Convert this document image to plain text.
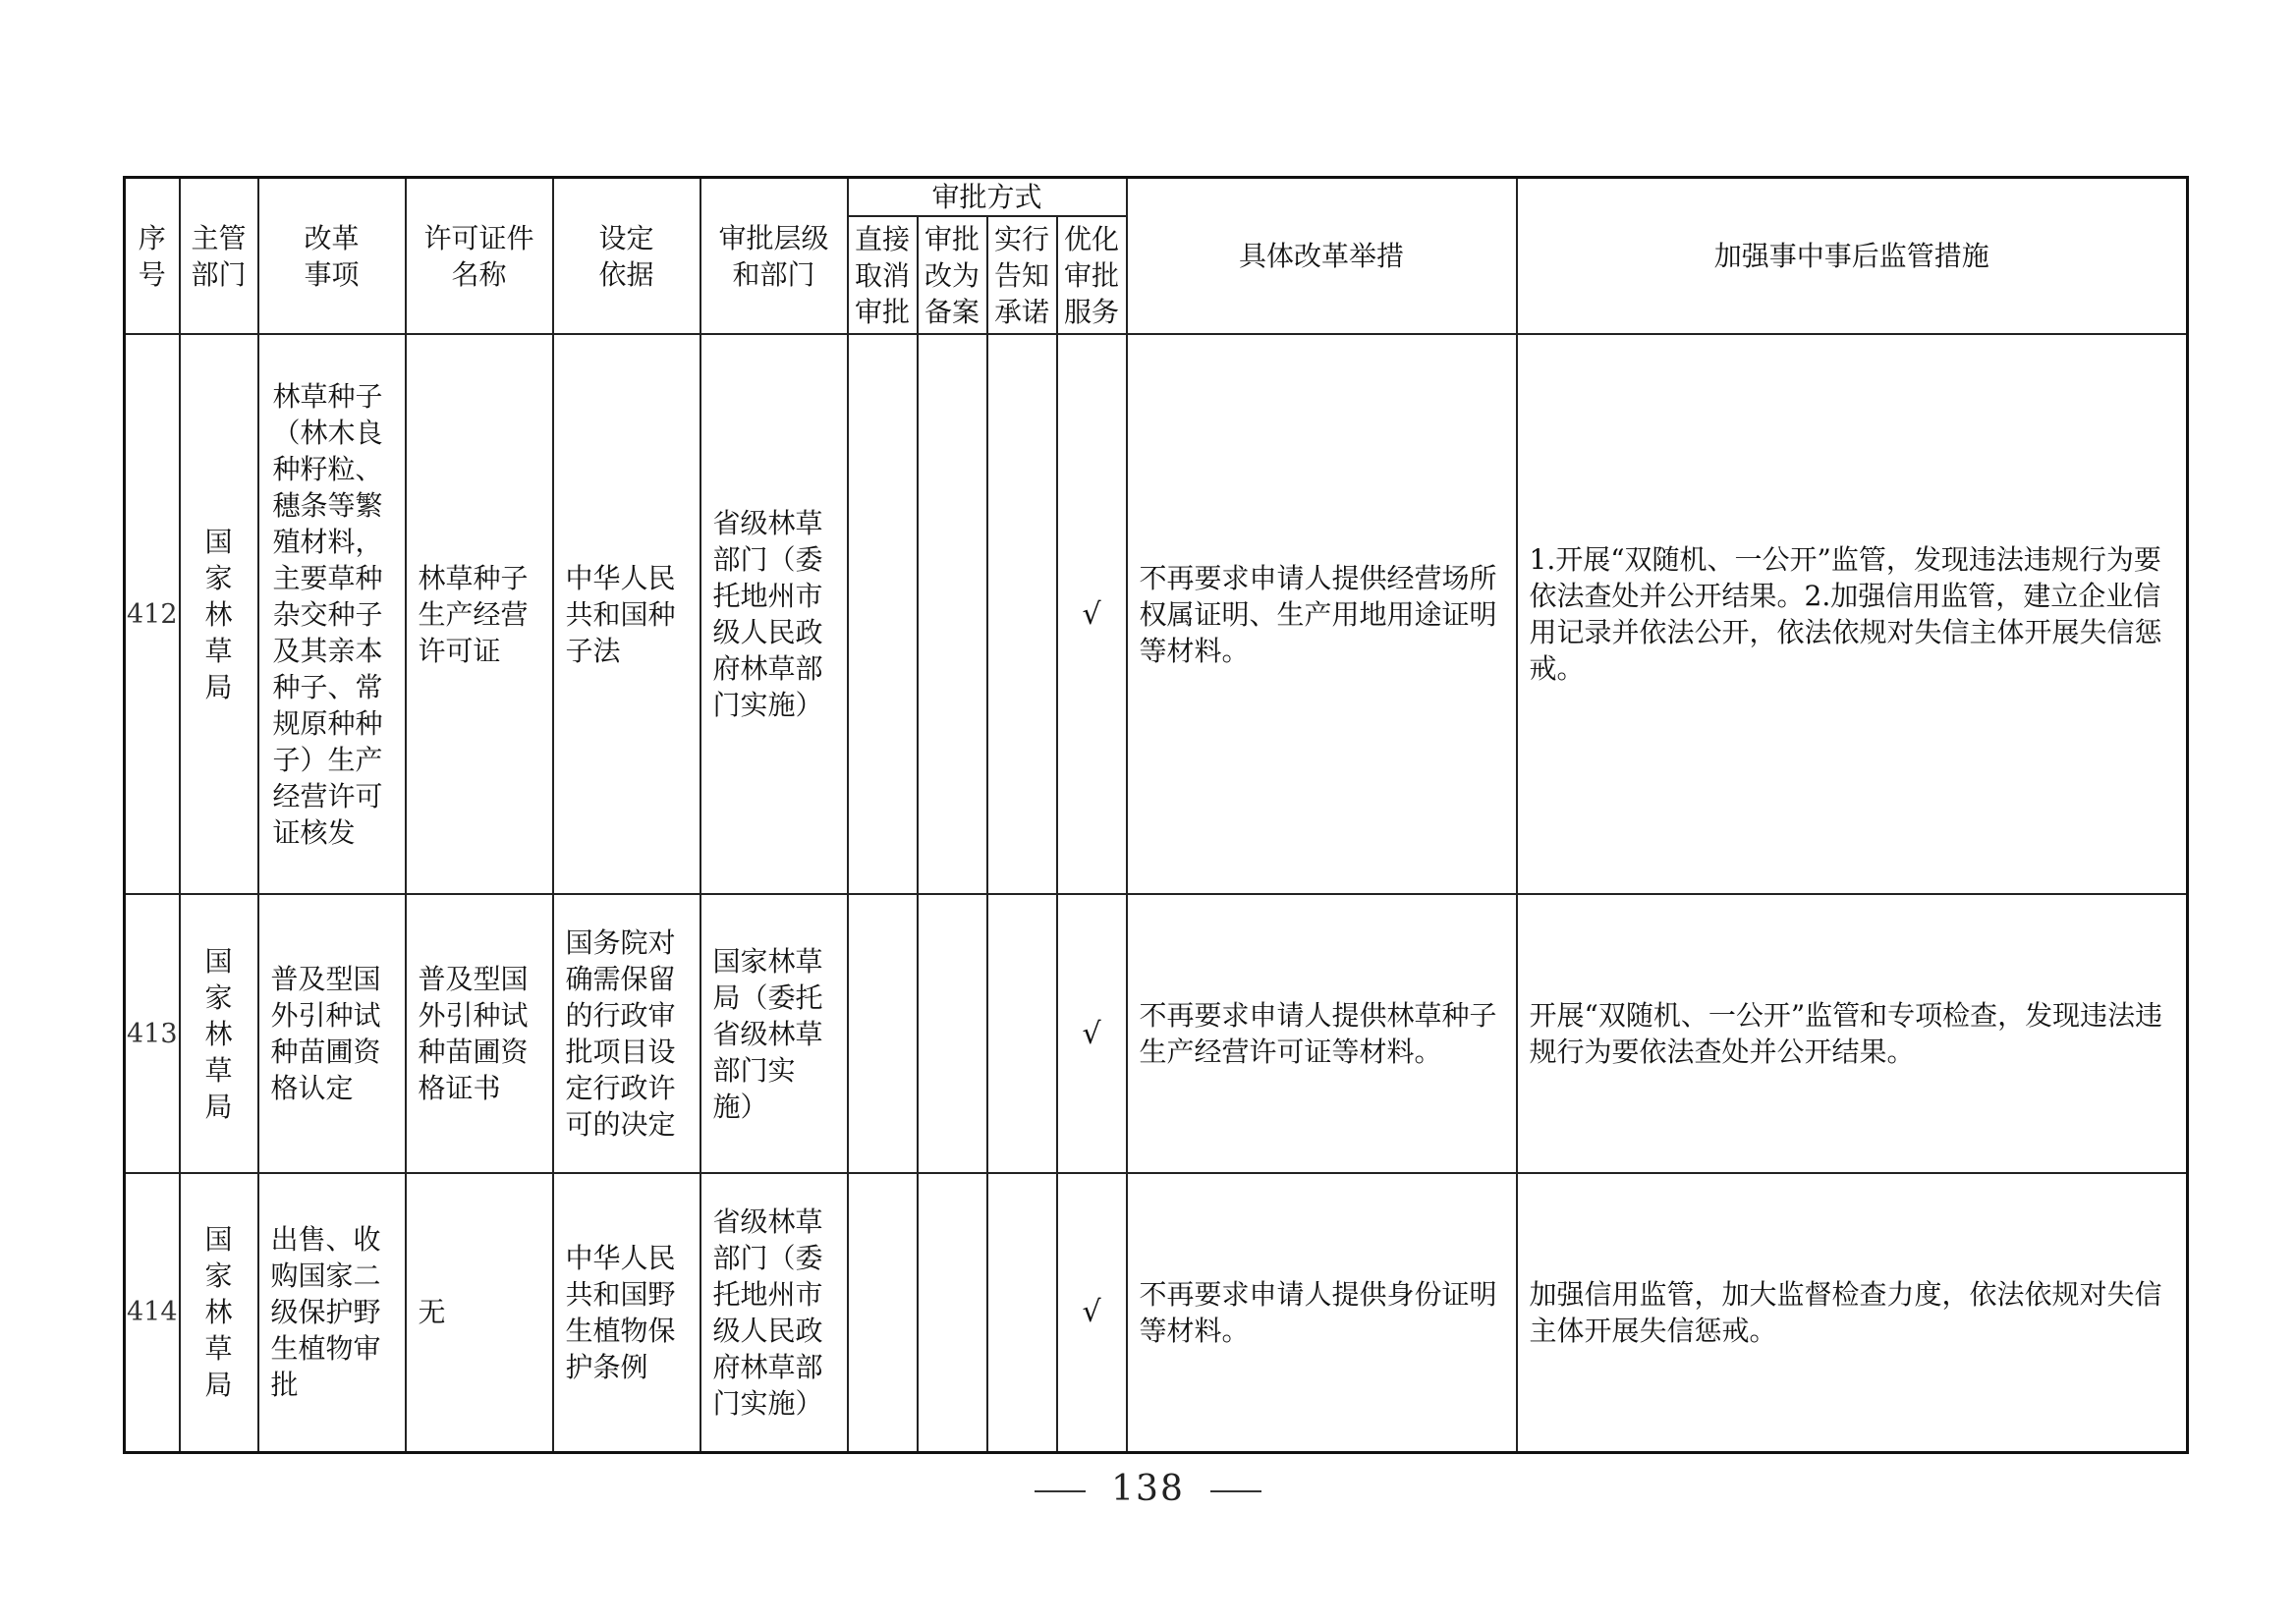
序号	主管部门	改革事项	许可证件名称	设定依据	审批层级和部门	审批方式				具体改革举措	加强事中事后监管措施

						直接取消审批	审批改为备案	实行告知承诺	优化审批服务		

412	国家林草局	林草种子（林木良种籽粒、穗条等繁殖材料，主要草种杂交种子及其亲本种子、常规原种种子）生产经营许可证核发	林草种子生产经营许可证	中华人民共和国种子法	省级林草部门（委托地州市级人民政府林草部门实施）				√	不再要求申请人提供经营场所权属证明、生产用地用途证明等材料。	1.开展“双随机、一公开”监管，发现违法违规行为要依法查处并公开结果。2.加强信用监管，建立企业信用记录并依法公开，依法依规对失信主体开展失信惩戒。
413	国家林草局	普及型国外引种试种苗圃资格认定	普及型国外引种试种苗圃资格证书	国务院对确需保留的行政审批项目设定行政许可的决定	国家林草局（委托省级林草部门实施）				√	不再要求申请人提供林草种子生产经营许可证等材料。	开展“双随机、一公开”监管和专项检查，发现违法违规行为要依法查处并公开结果。
414	国家林草局	出售、收购国家二级保护野生植物审批	无	中华人民共和国野生植物保护条例	省级林草部门（委托地州市级人民政府林草部门实施）				√	不再要求申请人提供身份证明等材料。	加强信用监管，加大监督检查力度，依法依规对失信主体开展失信惩戒。
138
